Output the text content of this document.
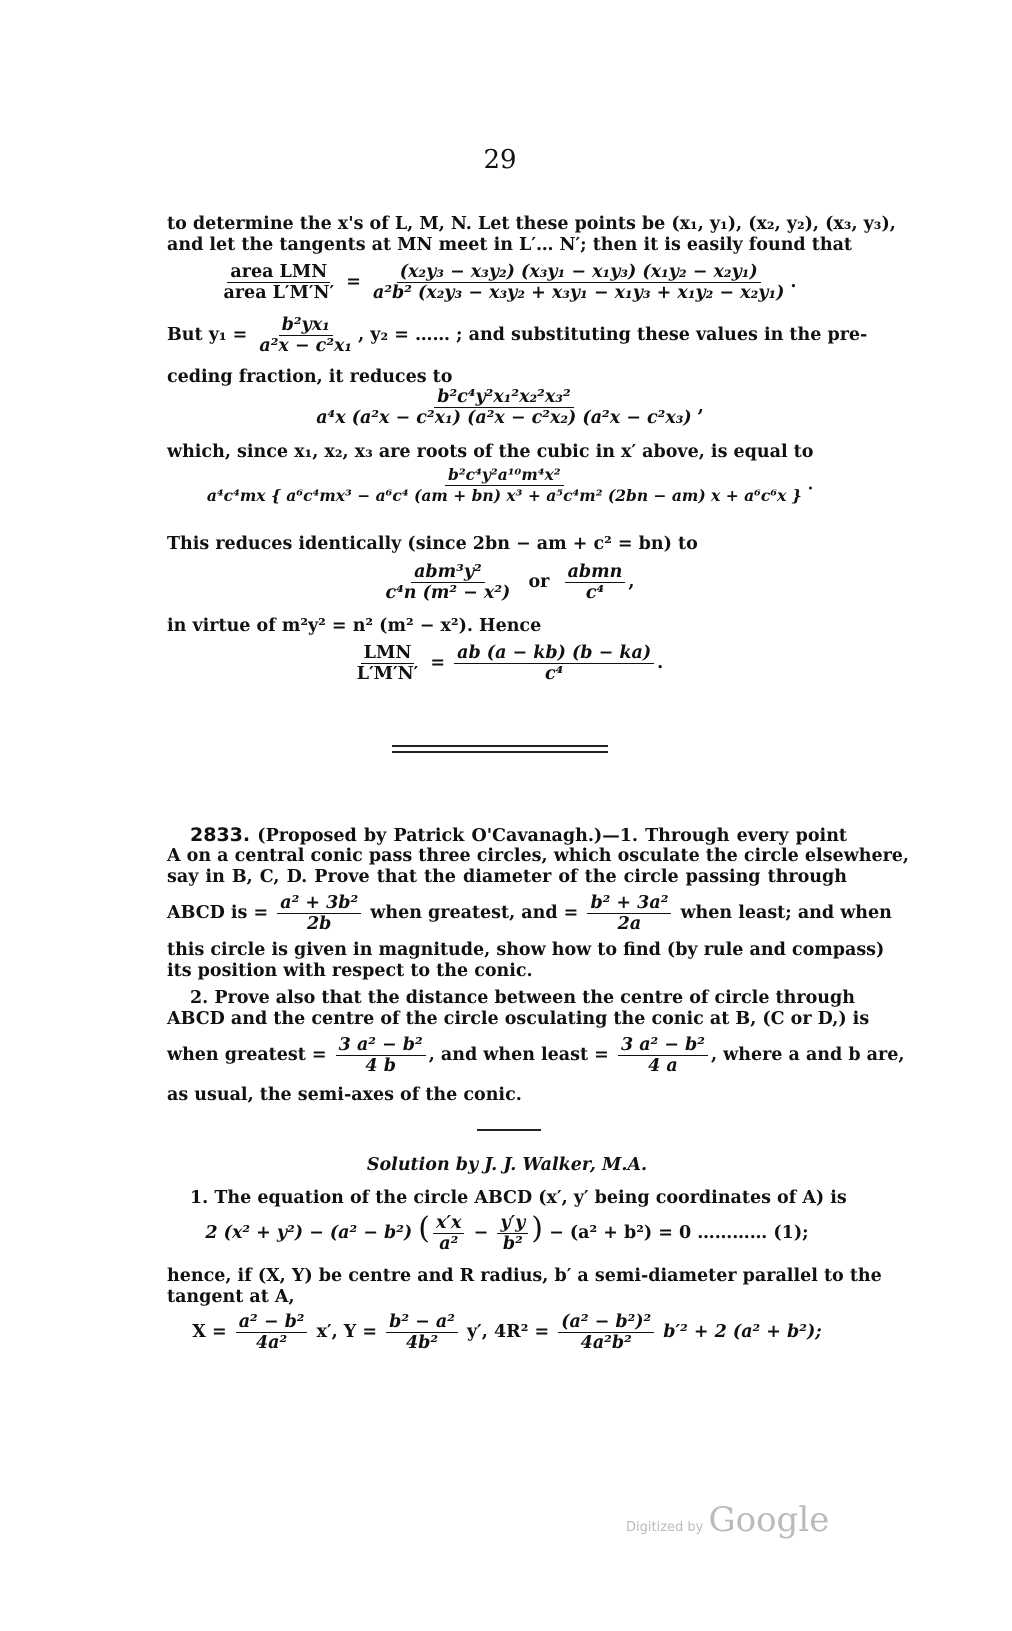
29
to determine the x's of L, M, N. Let these points be (x₁, y₁), (x₂, y₂), (x₃, y₃),
and let the tangents at MN meet in L′… N′; then it is easily found that
$\frac{\text{area LMN}}{\text{area L′M′N′}} = \frac{\text{(x₂y₃ − x₃y₂) (x₃y₁ − x₁y₃) (x₁y₂ − x₂y₁)}}{\text{a²b² (x₂y₃ − x₃y₂ + x₃y₁ − x₁y₃ + x₁y₂ − x₂y₁)}}$ .
But $y_1 = \frac{\text{b²yx₁}}{\text{a²x − c²x₁}}$ , y₂ = …… ; and substituting these values in the pre-
ceding fraction, it reduces to
$\frac{\text{b²c⁴y²x₁²x₂²x₃²}}{\text{a⁴x (a²x − c²x₁) (a²x − c²x₂) (a²x − c²x₃)}}$ ,
which, since x₁, x₂, x₃ are roots of the cubic in x′ above, is equal to
b²c⁴y²a¹⁰m⁴x²
a⁴c⁴mx { a⁶c⁴mx³ − a⁶c⁴ (am + bn) x³ + a⁵c⁴m² (2bn − am) x + a⁶c⁶x }
.
This reduces identically (since 2bn − am + c² = bn) to
$\frac{\text{abm³y²}}{\text{c⁴n (m² − x²)}}$ or $\frac{\text{abmn}}{\text{c⁴}}$ ,
in virtue of m²y² = n² (m² − x²). Hence
$\frac{\text{LMN}}{L'M'N'} = \frac{ab (a - kb) (b - ka)}{\text{c⁴}}$ .
2833. (Proposed by Patrick O'Cavanagh.)—1. Through every point
A on a central conic pass three circles, which osculate the circle elsewhere,
say in B, C, D. Prove that the diameter of the circle passing through
ABCD is = $\frac{\text{a² + 3b²}}{2b}$ when greatest, and = $\frac{\text{b² + 3a²}}{2a}$ when least; and when
this circle is given in magnitude, show how to find (by rule and compass)
its position with respect to the conic.
2. Prove also that the distance between the centre of circle through
ABCD and the centre of the circle osculating the conic at B, (C or D,) is
when greatest = $\frac{\text{3 a² − b²}}{4 b}$ , and when least = $\frac{\text{3 a² − b²}}{4 a}$ , where a and b are,
as usual, the semi-axes of the conic.
Solution by J. J. Walker, M.A.
1. The equation of the circle ABCD (x′, y′ being coordinates of A) is
2 (x² + y²) − (a² − b²) ( $\frac{x'x}{\text{a²}} - \frac{y'y}{\text{b²}}$ ) − (a² + b²) = 0 ………… (1);
hence, if (X, Y) be centre and R radius, b′ a semi-diameter parallel to the
tangent at A,
$X = \frac{\text{a² − b²}}{\text{4a²}} x'$, $Y = \frac{\text{b² − a²}}{\text{4b²}} y'$, $4R^2 = \frac{\text{(a² − b²)²}}{\text{4a²b²}} b'^2 + 2$ (a² + b²);
Digitized by Google
